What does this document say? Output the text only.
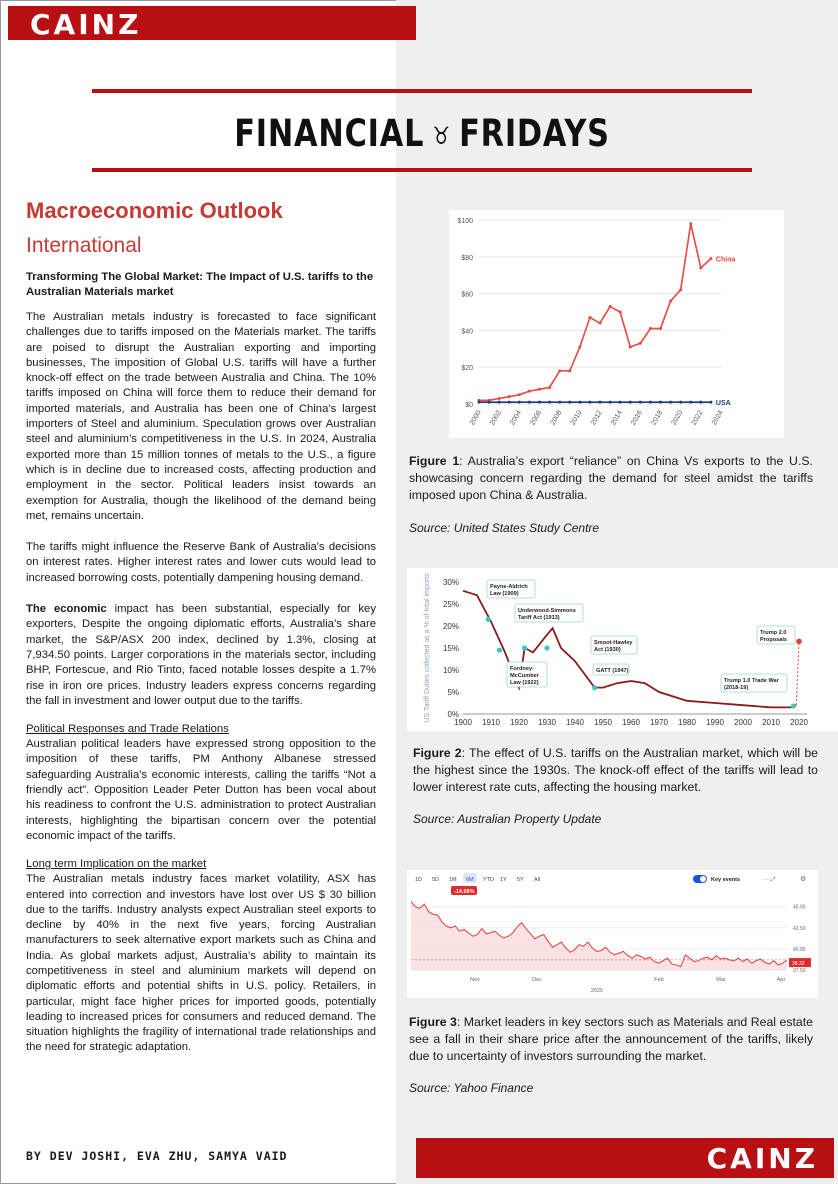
CAINZ
FINANCIAL ♉ FRIDAYS
Macroeconomic Outlook
International
Transforming The Global Market: The Impact of U.S. tariffs to the Australian Materials market

The Australian metals industry is forecasted to face significant challenges due to tariffs imposed on the Materials market. The tariffs are poised to disrupt the Australian exporting and importing businesses, The imposition of Global U.S. tariffs will have a further knock-off effect on the trade between Australia and China. The 10% tariffs imposed on China will force them to reduce their demand for imported materials, and Australia has been one of China’s largest importers of Steel and aluminium. Speculation grows over Australian steel and aluminium’s competitiveness in the U.S. In 2024, Australia exported more than 15 million tonnes of metals to the U.S., a figure which is in decline due to increased costs, affecting production and employment in the sector. Political leaders insist towards an exemption for Australia, though the likelihood of the demand being met, remains uncertain.

The tariffs might influence the Reserve Bank of Australia's decisions on interest rates. Higher interest rates and lower cuts would lead to increased borrowing costs, potentially dampening housing demand.

The economic impact has been substantial, especially for key exporters, Despite the ongoing diplomatic efforts, Australia’s share market, the S&P/ASX 200 index, declined by 1.3%, closing at 7,934.50 points. Larger corporations in the materials sector, including BHP, Fortescue, and Rio Tinto, faced notable losses despite a 1.7% rise in iron ore prices. Industry leaders express concerns regarding the fall in investment and lower output due to the tariffs.

Political Responses and Trade Relations

Australian political leaders have expressed strong opposition to the imposition of these tariffs, PM Anthony Albanese stressed safeguarding Australia's economic interests, calling the tariffs “Not a friendly act”. Opposition Leader Peter Dutton has been vocal about his readiness to confront the U.S. administration to protect Australian interests, highlighting the bipartisan concern over the potential economic impact of the tariffs.

Long term Implication on the market

The Australian metals industry faces market volatility, ASX has entered into correction and investors have lost over US $ 30 billion due to the tariffs. Industry analysts expect Australian steel exports to decline by 40% in the next five years, forcing Australian manufacturers to seek alternative export markets such as China and India. As global markets adjust, Australia’s ability to maintain its competitiveness in steel and aluminium markets will depend on diplomatic efforts and potential shifts in U.S. policy. Retailers, in particular, might face higher prices for imported goods, potentially leading to increased prices for consumers and reduced demand. The situation highlights the fragility of international trade relationships and the need for strategic adaptation.

BY DEV JOSHI, EVA ZHU, SAMYA VAID
$0
$20
$40
$60
$80
$100
2000 2002 2004 2006 2008 2010 2012 2014 2016 2018 2020 2022 2024
China
USA
Figure 1: Australia’s export “reliance” on China Vs exports to the U.S. showcasing concern regarding the demand for steel amidst the tariffs imposed upon China & Australia.
Source: United States Study Centre
0%
5%
10%
15%
20%
25%
30%
1900 1910 1920 1930 1940 1950 1960 1970 1980 1990 2000 2010 2020
US Tariff Duties collected as a % of total imports	Payne-Aldrich
Law (1909)
Underwood-Simmons
Tariff Act (1913)
Fordney-
McCumber
Law (1922)
Smoot-Hawley
Act (1930)
GATT (1947)
Trump 1.0 Trade War
(2018-19)
Trump 2.0
Proposals
Figure 2: The effect of U.S. tariffs on the Australian market, which will be the highest since the 1930s. The knock-off effect of the tariffs will lead to lower interest rate cuts, affecting the housing market.
Source: Australian Property Update
1D 5D 1M 6M YTD 1Y 5Y All
-14.98%
Key events	··· ⤢	⚙
45.00
42.50
40.00
37.50
38.32
Nov	Dec	Feb	Mar	Apr
2025
Figure 3: Market leaders in key sectors such as Materials and Real estate see a fall in their share price after the announcement of the tariffs, likely due to uncertainty of investors surrounding the market.
Source: Yahoo Finance
CAINZ
